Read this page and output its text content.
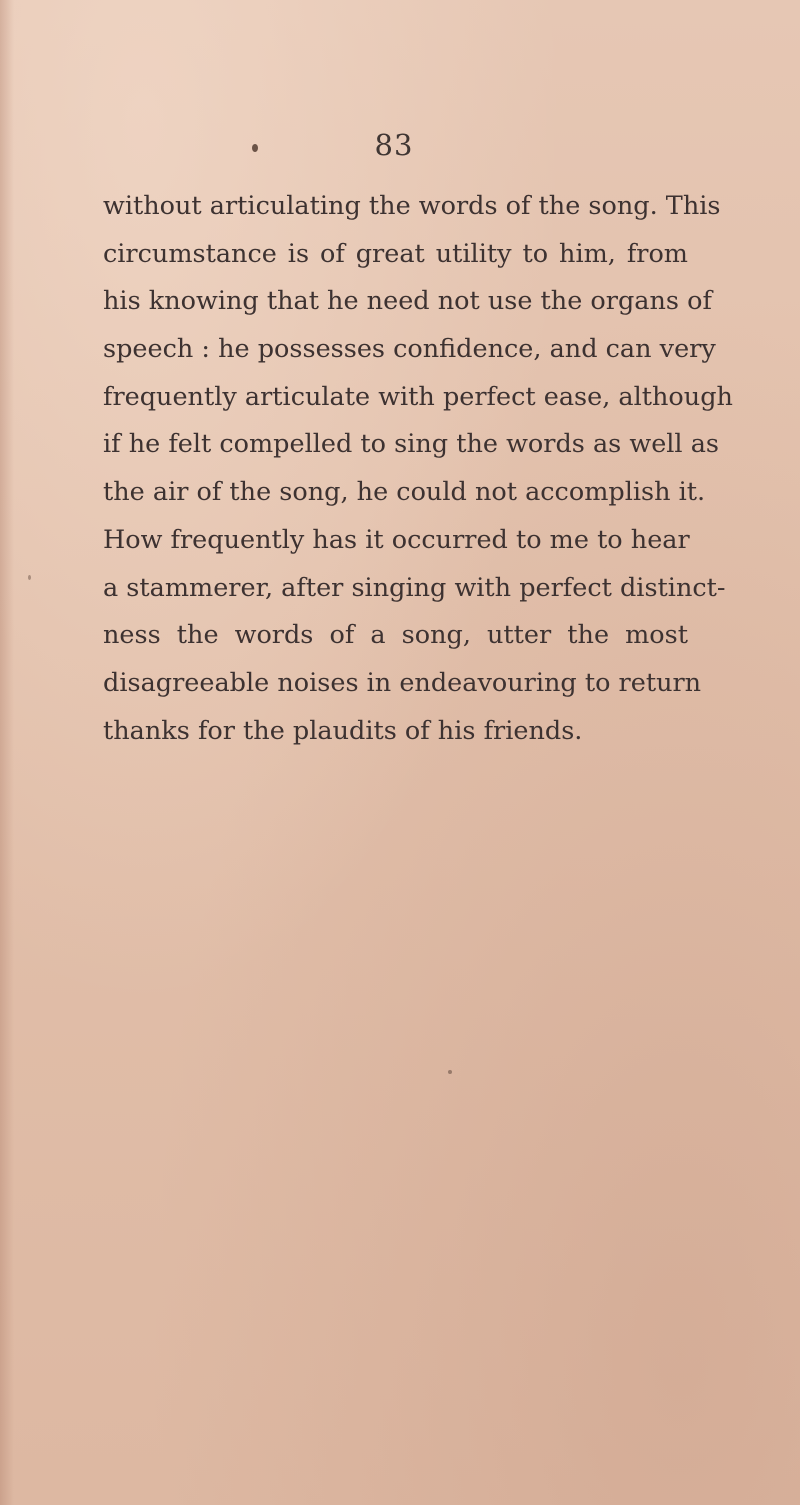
83
without articulating the words of the song. This
circumstance is of great utility to him, from
his knowing that he need not use the organs of
speech : he possesses confidence, and can very
frequently articulate with perfect ease, although
if he felt compelled to sing the words as well as
the air of the song, he could not accomplish it.
How frequently has it occurred to me to hear
a stammerer, after singing with perfect distinct-
ness the words of a song, utter the most
disagreeable noises in endeavouring to return
thanks for the plaudits of his friends.
